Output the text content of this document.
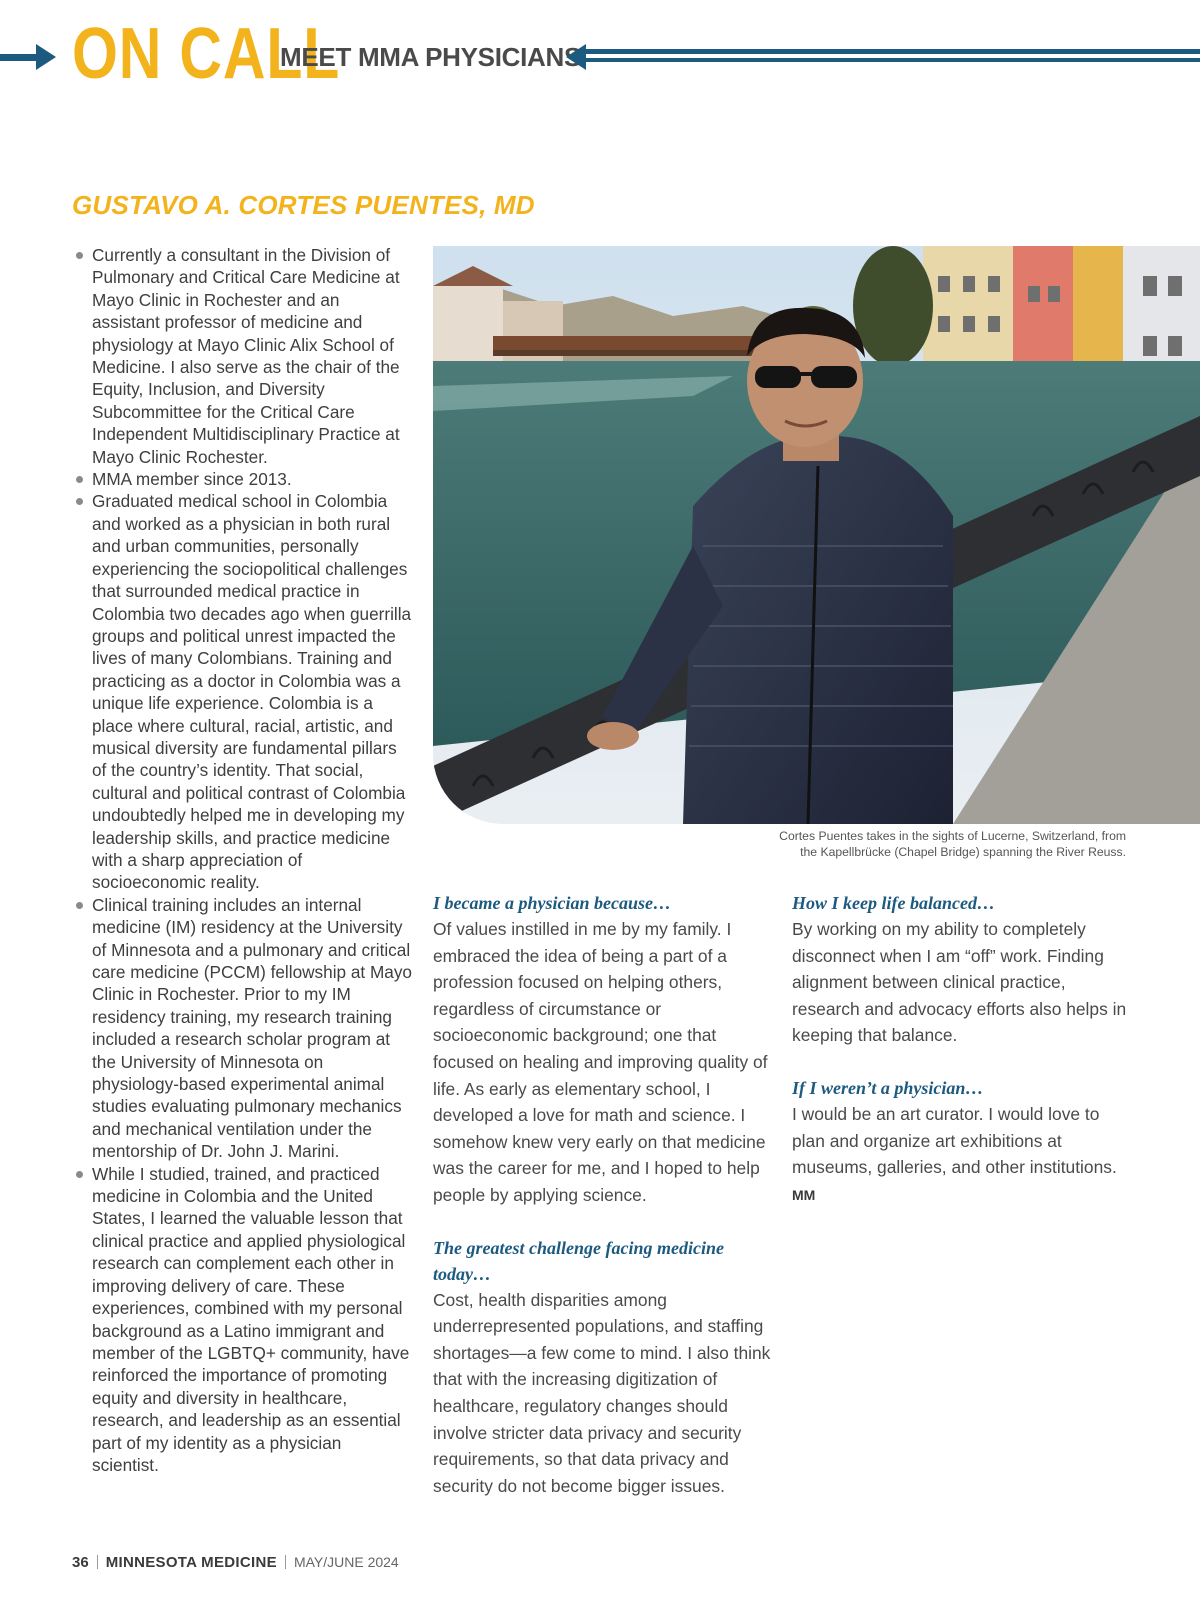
ON CALL
MEET MMA PHYSICIANS
GUSTAVO A. CORTES PUENTES, MD
Currently a consultant in the Division of Pulmonary and Critical Care Medicine at Mayo Clinic in Rochester and an assistant professor of medicine and physiology at Mayo Clinic Alix School of Medicine. I also serve as the chair of the Equity, Inclusion, and Diversity Subcommittee for the Critical Care Independent Multidisciplinary Practice at Mayo Clinic Rochester.
MMA member since 2013.
Graduated medical school in Colombia and worked as a physician in both rural and urban communities, personally experiencing the sociopolitical challenges that surrounded medical practice in Colombia two decades ago when guerrilla groups and political unrest impacted the lives of many Colombians. Training and practicing as a doctor in Colombia was a unique life experience. Colombia is a place where cultural, racial, artistic, and musical diversity are fundamental pillars of the country’s identity. That social, cultural and political contrast of Colombia undoubtedly helped me in developing my leadership skills, and practice medicine with a sharp appreciation of socioeconomic reality.
Clinical training includes an internal medicine (IM) residency at the University of Minnesota and a pulmonary and critical care medicine (PCCM) fellowship at Mayo Clinic in Rochester. Prior to my IM residency training, my research training included a research scholar program at the University of Minnesota on physiology-based experimental animal studies evaluating pulmonary mechanics and mechanical ventilation under the mentorship of Dr. John J. Marini.
While I studied, trained, and practiced medicine in Colombia and the United States, I learned the valuable lesson that clinical practice and applied physiological research can complement each other in improving delivery of care. These experiences, combined with my personal background as a Latino immigrant and member of the LGBTQ+ community, have reinforced the importance of promoting equity and diversity in healthcare, research, and leadership as an essential part of my identity as a physician scientist.
Cortes Puentes takes in the sights of Lucerne, Switzerland, from
the Kapellbrücke (Chapel Bridge) spanning the River Reuss.
I became a physician because…

Of values instilled in me by my family. I embraced the idea of being a part of a profession focused on helping others, regardless of circumstance or socioeconomic background; one that focused on healing and improving quality of life. As early as elementary school, I developed a love for math and science. I somehow knew very early on that medicine was the career for me, and I hoped to help people by applying science.

The greatest challenge facing medicine today…

Cost, health disparities among underrepresented populations, and staffing shortages—a few come to mind. I also think that with the increasing digitization of healthcare, regulatory changes should involve stricter data privacy and security requirements, so that data privacy and security do not become bigger issues.

How I keep life balanced…

By working on my ability to completely disconnect when I am “off” work. Finding alignment between clinical practice, research and advocacy efforts also helps in keeping that balance.

If I weren’t a physician…

I would be an art curator. I would love to plan and organize art exhibitions at museums, galleries, and other institutions. MM

36 MINNESOTA MEDICINE MAY/JUNE 2024
